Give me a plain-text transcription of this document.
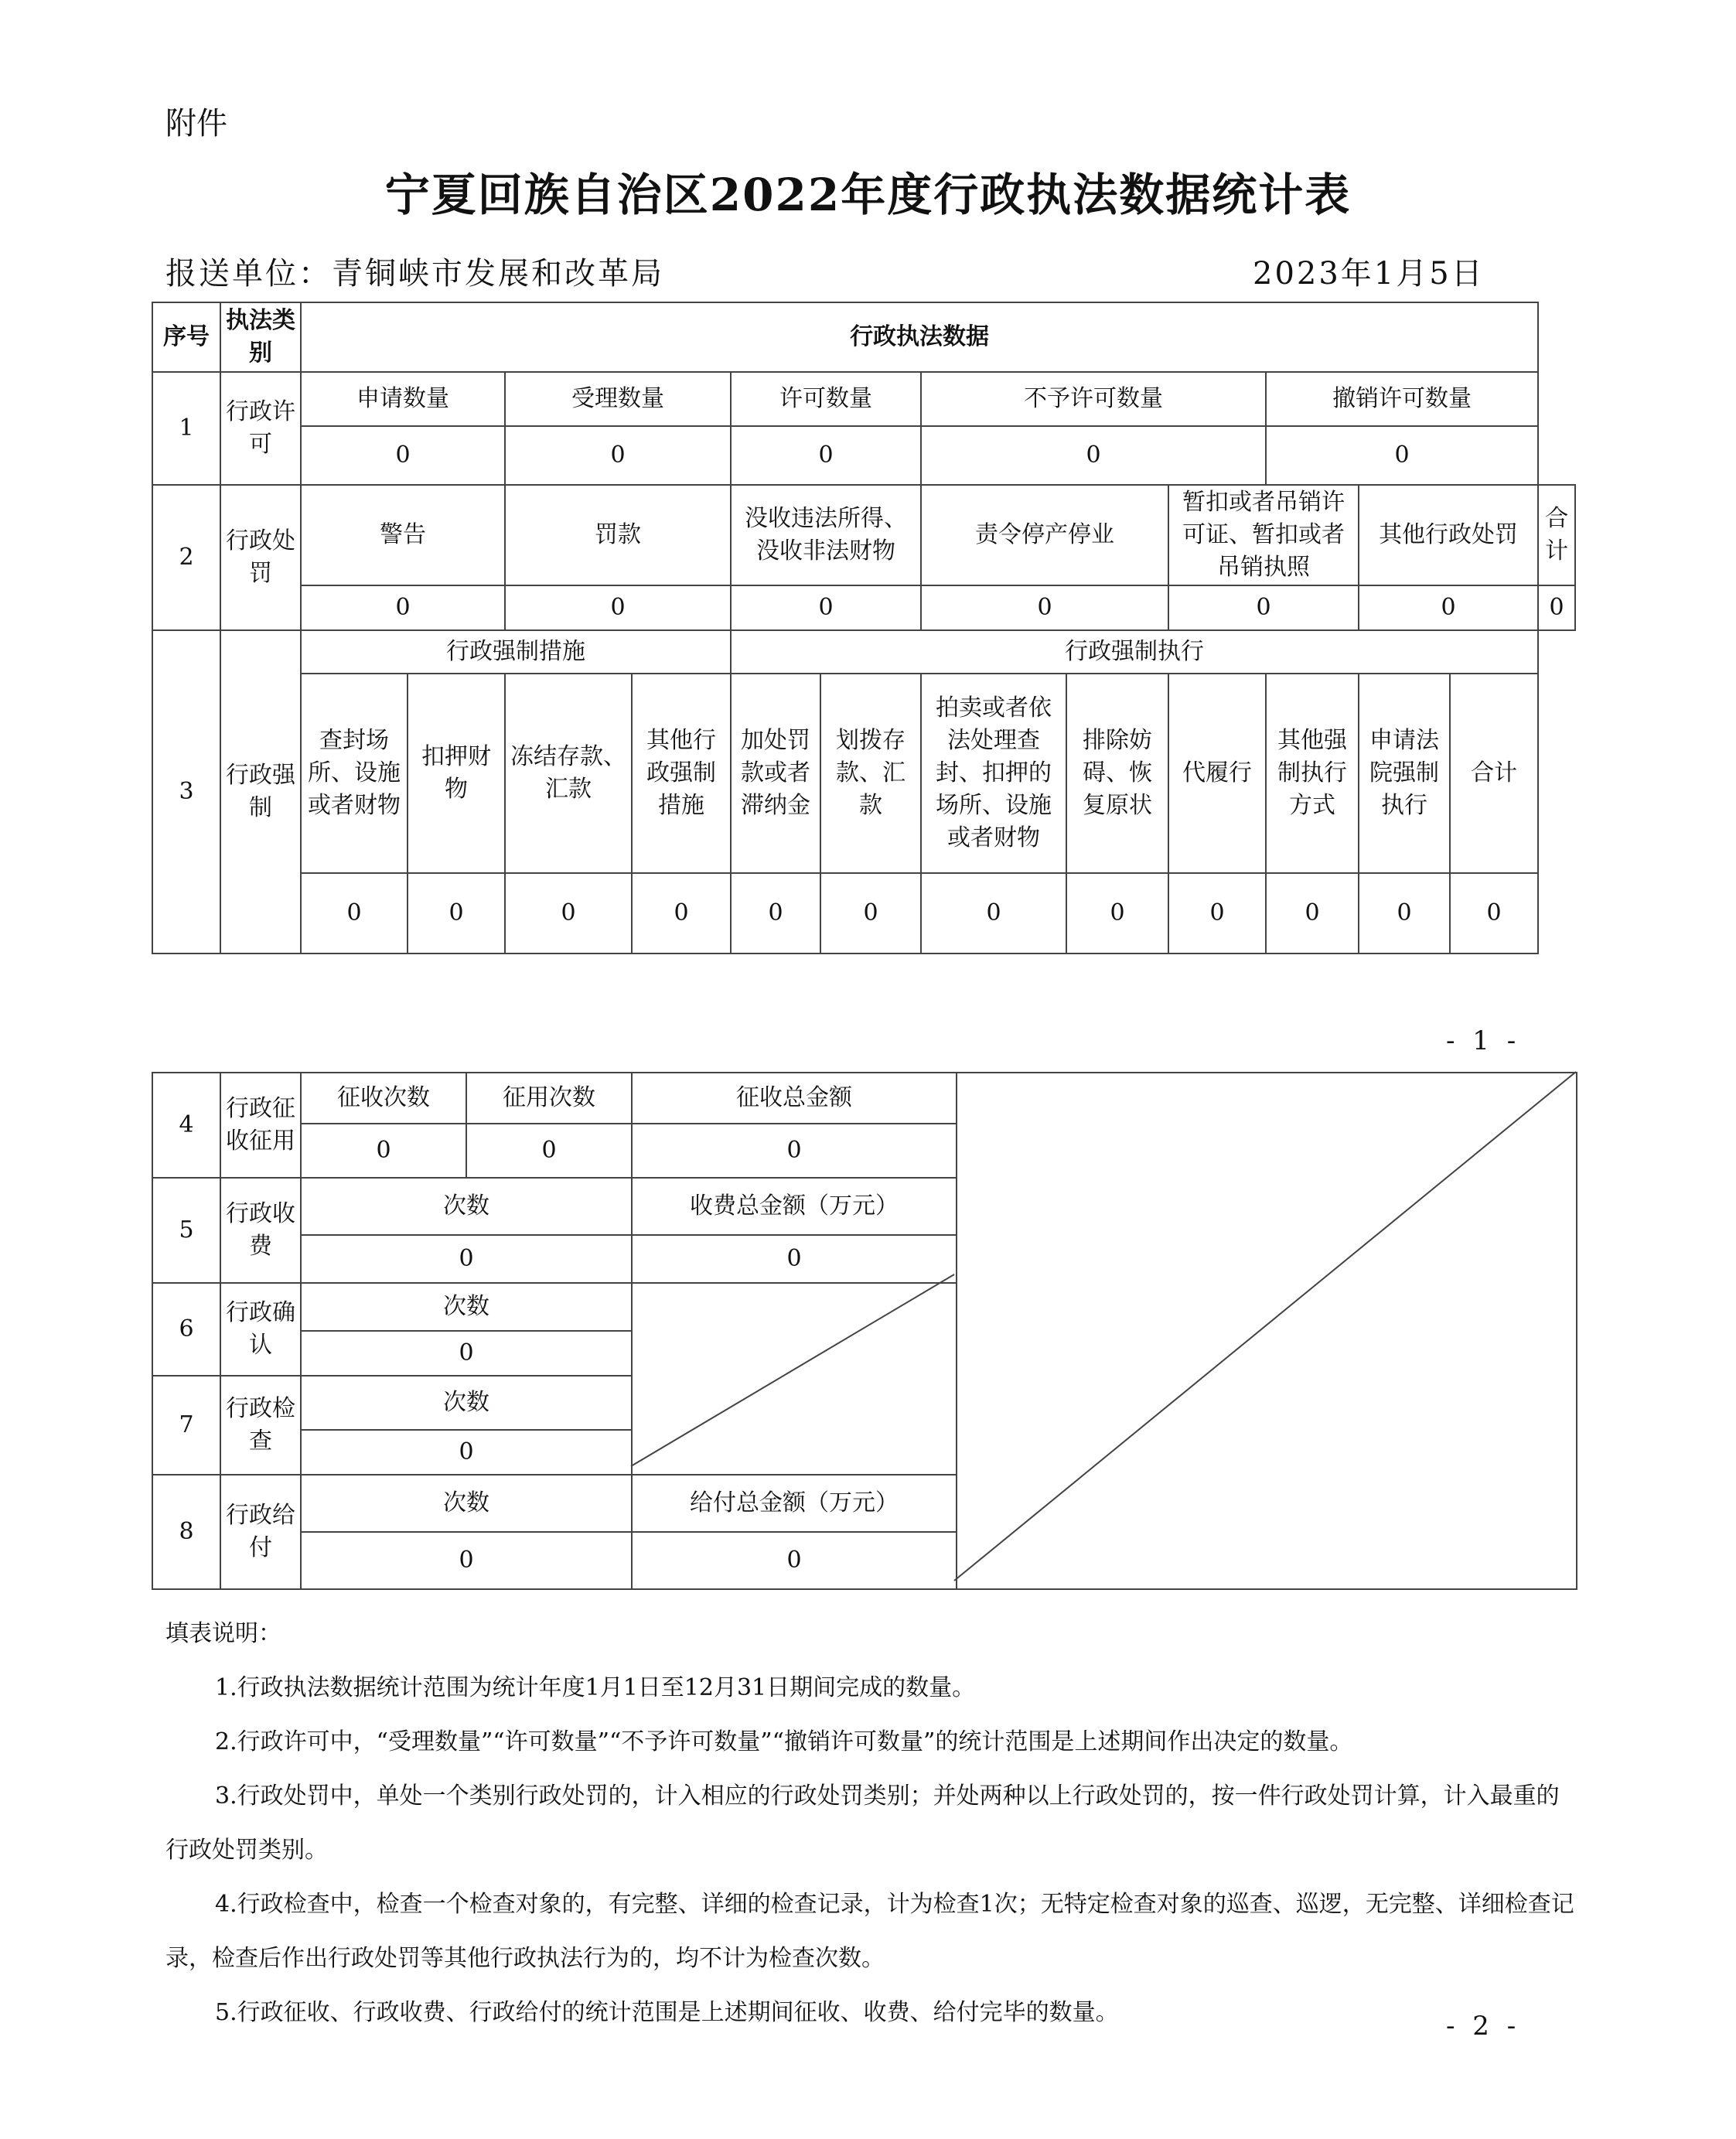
附件
宁夏回族自治区2022年度行政执法数据统计表
报送单位：青铜峡市发展和改革局	2023年1月5日
序号	执法类别	行政执法数据												
1	行政许可	申请数量		受理数量		许可数量		不予许可数量			撤销许可数量			
		0		0		0		0			0			
2	行政处罚	警告		罚款		没收违法所得、没收非法财物		责令停产停业		暂扣或者吊销许可证、暂扣或者吊销执照		其他行政处罚		合计
		0		0		0		0		0		0		0
3	行政强制	行政强制措施				行政强制执行								
		查封场所、设施或者财物	扣押财物	冻结存款、汇款	其他行政强制措施	加处罚款或者滞纳金	划拨存款、汇款	拍卖或者依法处理查封、扣押的场所、设施或者财物	排除妨碍、恢复原状	代履行	其他强制执行方式	申请法院强制执行	合计	
		0	0	0	0	0	0	0	0	0	0	0	0	
- 1 -
4	行政征收征用	征收次数	征用次数	征收总金额	
		0	0	0	
5	行政收费	次数		收费总金额（万元）	
		0		0	
6	行政确认	次数			
		0			
7	行政检查	次数			
		0			
8	行政给付	次数		给付总金额（万元）	
		0		0	

填表说明：

1.行政执法数据统计范围为统计年度1月1日至12月31日期间完成的数量。

2.行政许可中，“受理数量”“许可数量”“不予许可数量”“撤销许可数量”的统计范围是上述期间作出决定的数量。

3.行政处罚中，单处一个类别行政处罚的，计入相应的行政处罚类别；并处两种以上行政处罚的，按一件行政处罚计算，计入最重的行政处罚类别。

4.行政检查中，检查一个检查对象的，有完整、详细的检查记录，计为检查1次；无特定检查对象的巡查、巡逻，无完整、详细检查记录，检查后作出行政处罚等其他行政执法行为的，均不计为检查次数。

5.行政征收、行政收费、行政给付的统计范围是上述期间征收、收费、给付完毕的数量。	- 2 -
